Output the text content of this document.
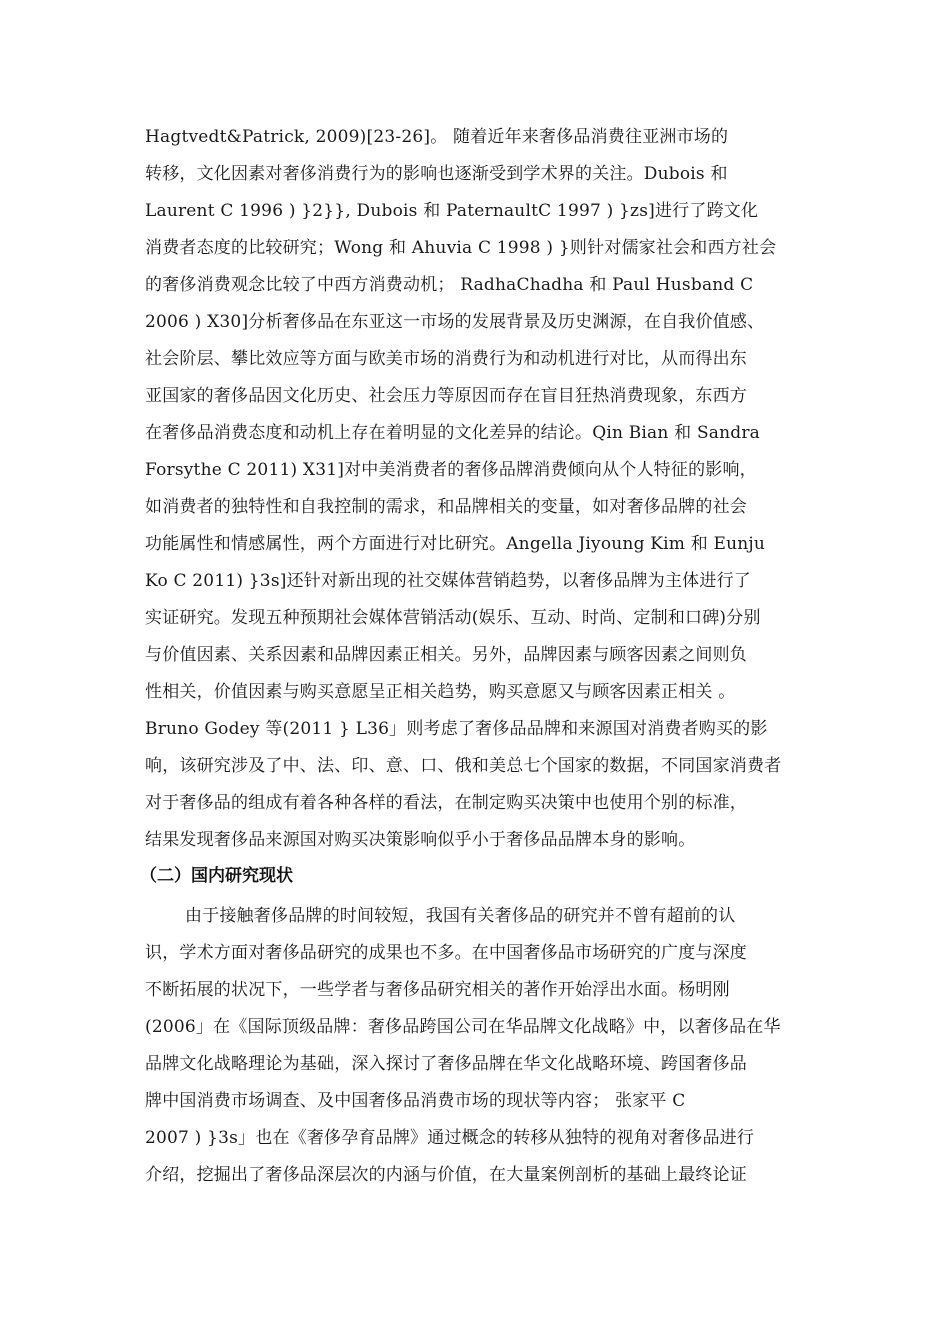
Hagtvedt&Patrick, 2009)[23-26]。 随着近年来奢侈品消费往亚洲市场的
转移，文化因素对奢侈消费行为的影响也逐渐受到学术界的关注。Dubois 和
Laurent C 1996 ) }2}}, Dubois 和 PaternaultC 1997 ) }zs]进行了跨文化
消费者态度的比较研究；Wong 和 Ahuvia C 1998 ) }则针对儒家社会和西方社会
的奢侈消费观念比较了中西方消费动机； RadhaChadha 和 Paul Husband C
2006 ) X30]分析奢侈品在东亚这一市场的发展背景及历史渊源，在自我价值感、
社会阶层、攀比效应等方面与欧美市场的消费行为和动机进行对比，从而得出东
亚国家的奢侈品因文化历史、社会压力等原因而存在盲目狂热消费现象，东西方
在奢侈品消费态度和动机上存在着明显的文化差异的结论。Qin Bian 和 Sandra
Forsythe C 2011) X31]对中美消费者的奢侈品牌消费倾向从个人特征的影响，
如消费者的独特性和自我控制的需求，和品牌相关的变量，如对奢侈品牌的社会
功能属性和情感属性，两个方面进行对比研究。Angella Jiyoung Kim 和 Eunju
Ko C 2011) }3s]还针对新出现的社交媒体营销趋势，以奢侈品牌为主体进行了
实证研究。发现五种预期社会媒体营销活动(娱乐、互动、时尚、定制和口碑)分别
与价值因素、关系因素和品牌因素正相关。另外，品牌因素与顾客因素之间则负
性相关，价值因素与购买意愿呈正相关趋势，购买意愿又与顾客因素正相关 。
Bruno Godey 等(2011 } L36」则考虑了奢侈品品牌和来源国对消费者购买的影
响，该研究涉及了中、法、印、意、口、俄和美总七个国家的数据，不同国家消费者
对于奢侈品的组成有着各种各样的看法，在制定购买决策中也使用个别的标准，
结果发现奢侈品来源国对购买决策影响似乎小于奢侈品品牌本身的影响。
（二）国内研究现状
由于接触奢侈品牌的时间较短，我国有关奢侈品的研究并不曾有超前的认
识，学术方面对奢侈品研究的成果也不多。在中国奢侈品市场研究的广度与深度
不断拓展的状况下，一些学者与奢侈品研究相关的著作开始浮出水面。杨明刚
(2006」在《国际顶级品牌：奢侈品跨国公司在华品牌文化战略》中，以奢侈品在华
品牌文化战略理论为基础，深入探讨了奢侈品牌在华文化战略环境、跨国奢侈品
牌中国消费市场调查、及中国奢侈品消费市场的现状等内容； 张家平 C
2007 ) }3s」也在《奢侈孕育品牌》通过概念的转移从独特的视角对奢侈品进行
介绍，挖掘出了奢侈品深层次的内涵与价值，在大量案例剖析的基础上最终论证
